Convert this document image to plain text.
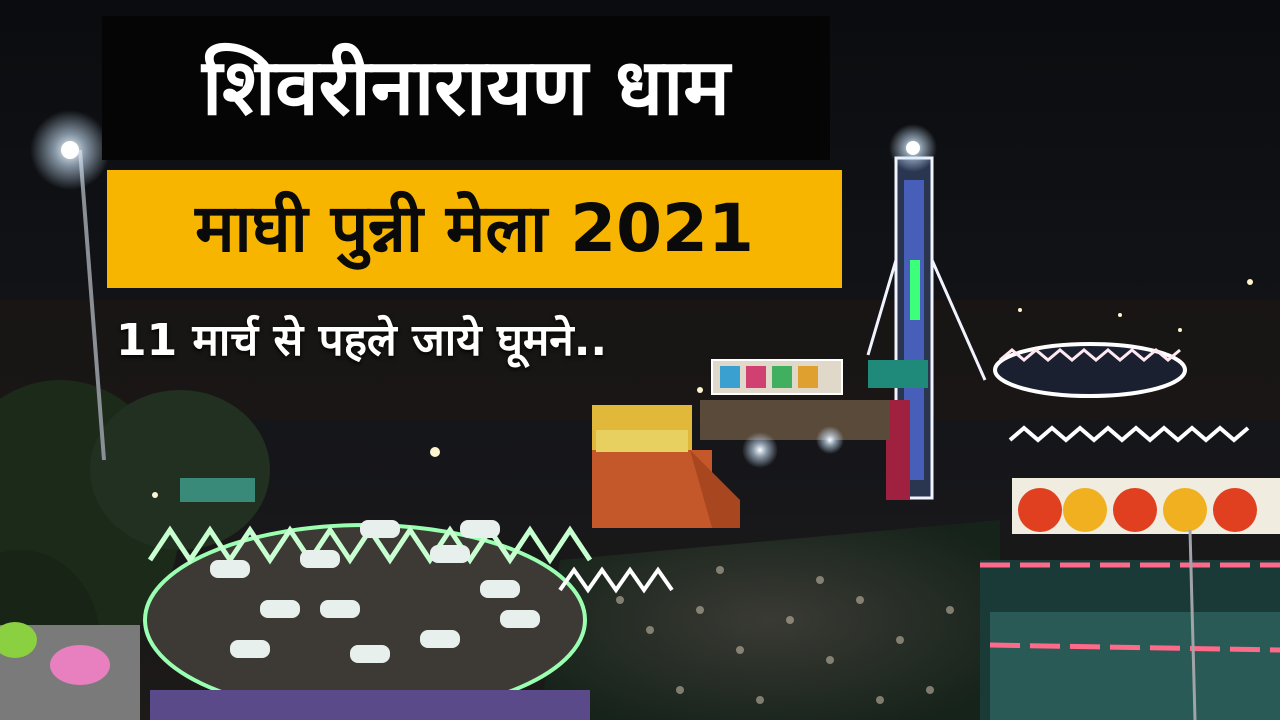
शिवरीनारायण धाम
माघी पुन्नी मेला 2021
11 मार्च से पहले जाये घूमने..
